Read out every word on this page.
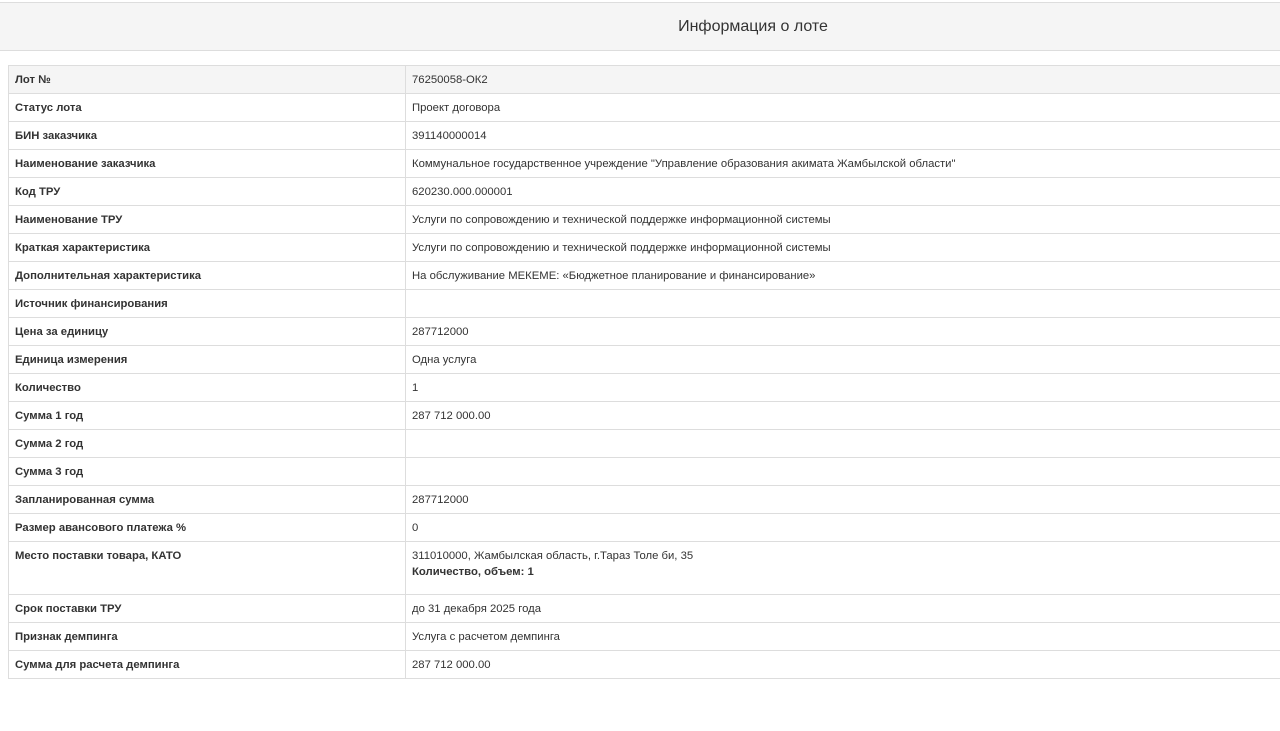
Информация о лоте
Лот №	76250058-ОК2
Статус лота	Проект договора
БИН заказчика	391140000014
Наименование заказчика	Коммунальное государственное учреждение "Управление образования акимата Жамбылской области"
Код ТРУ	620230.000.000001
Наименование ТРУ	Услуги по сопровождению и технической поддержке информационной системы
Краткая характеристика	Услуги по сопровождению и технической поддержке информационной системы
Дополнительная характеристика	На обслуживание МЕКЕМЕ: «Бюджетное планирование и финансирование»
Источник финансирования	
Цена за единицу	287712000
Единица измерения	Одна услуга
Количество	1
Сумма 1 год	287 712 000.00
Сумма 2 год	
Сумма 3 год	
Запланированная сумма	287712000
Размер авансового платежа %	0
Место поставки товара, КАТО	311010000, Жамбылская область, г.Тараз Толе би, 35
Количество, объем: 1

Срок поставки ТРУ	до 31 декабря 2025 года
Признак демпинга	Услуга с расчетом демпинга
Сумма для расчета демпинга	287 712 000.00
